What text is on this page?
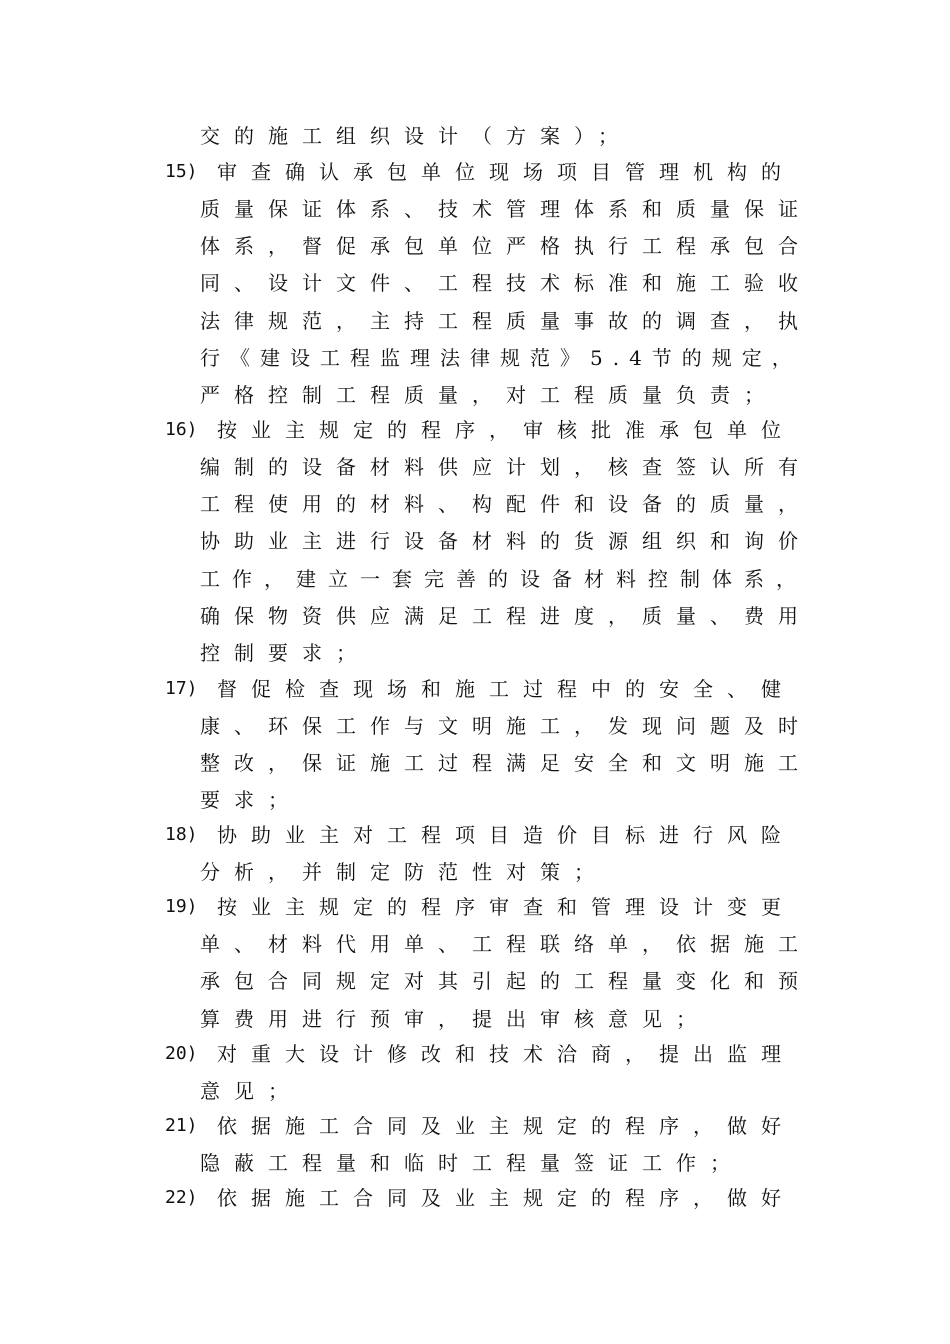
交的施工组织设计（方案）；
15) 审查确认承包单位现场项目管理机构的
质量保证体系、技术管理体系和质量保证
体系，督促承包单位严格执行工程承包合
同、设计文件、工程技术标准和施工验收
法律规范，主持工程质量事故的调查，执
行《建设工程监理法律规范》5.4节的规定，
严格控制工程质量，对工程质量负责；
16) 按业主规定的程序，审核批准承包单位
编制的设备材料供应计划，核查签认所有
工程使用的材料、构配件和设备的质量，
协助业主进行设备材料的货源组织和询价
工作，建立一套完善的设备材料控制体系，
确保物资供应满足工程进度，质量、费用
控制要求；
17) 督促检查现场和施工过程中的安全、健
康、环保工作与文明施工，发现问题及时
整改，保证施工过程满足安全和文明施工
要求；
18) 协助业主对工程项目造价目标进行风险
分析，并制定防范性对策；
19) 按业主规定的程序审查和管理设计变更
单、材料代用单、工程联络单，依据施工
承包合同规定对其引起的工程量变化和预
算费用进行预审，提出审核意见；
20) 对重大设计修改和技术洽商，提出监理
意见；
21) 依据施工合同及业主规定的程序，做好
隐蔽工程量和临时工程量签证工作；
22) 依据施工合同及业主规定的程序，做好
